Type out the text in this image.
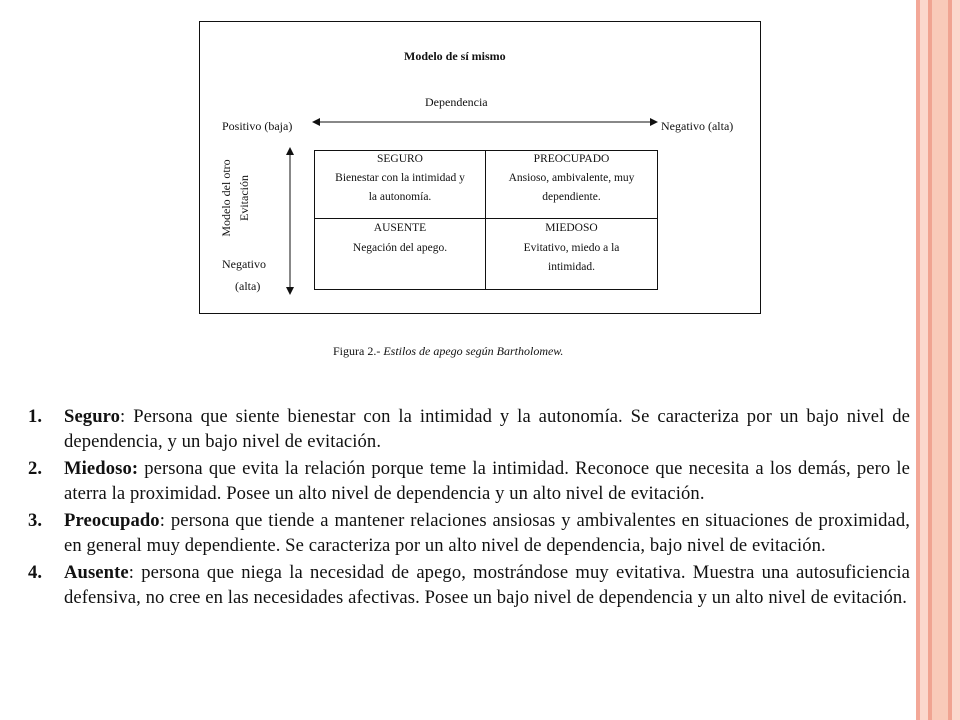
Modelo de sí mismo
Dependencia
Positivo (baja)	Negativo (alta)
Modelo del otro Evitación
Negativo
(alta)
SEGURO
Bienestar con la intimidad y
la autonomía.
PREOCUPADO
Ansioso, ambivalente, muy
dependiente.
AUSENTE
Negación del apego.
MIEDOSO
Evitativo, miedo a la
intimidad.
Figura 2.- Estilos de apego según Bartholomew.
1. Seguro: Persona que siente bienestar con la intimidad y la autonomía. Se caracteriza por un bajo nivel de dependencia, y un bajo nivel de evitación.
2. Miedoso: persona que evita la relación porque teme la intimidad. Reconoce que necesita a los demás, pero le aterra la proximidad. Posee un alto nivel de dependencia y un alto nivel de evitación.
3. Preocupado: persona que tiende a mantener relaciones ansiosas y ambivalentes en situaciones de proximidad, en general muy dependiente. Se caracteriza por un alto nivel de dependencia, bajo nivel de evitación.
4. Ausente: persona que niega la necesidad de apego, mostrándose muy evitativa. Muestra una autosuficiencia defensiva, no cree en las necesidades afectivas. Posee un bajo nivel de dependencia y un alto nivel de evitación.
